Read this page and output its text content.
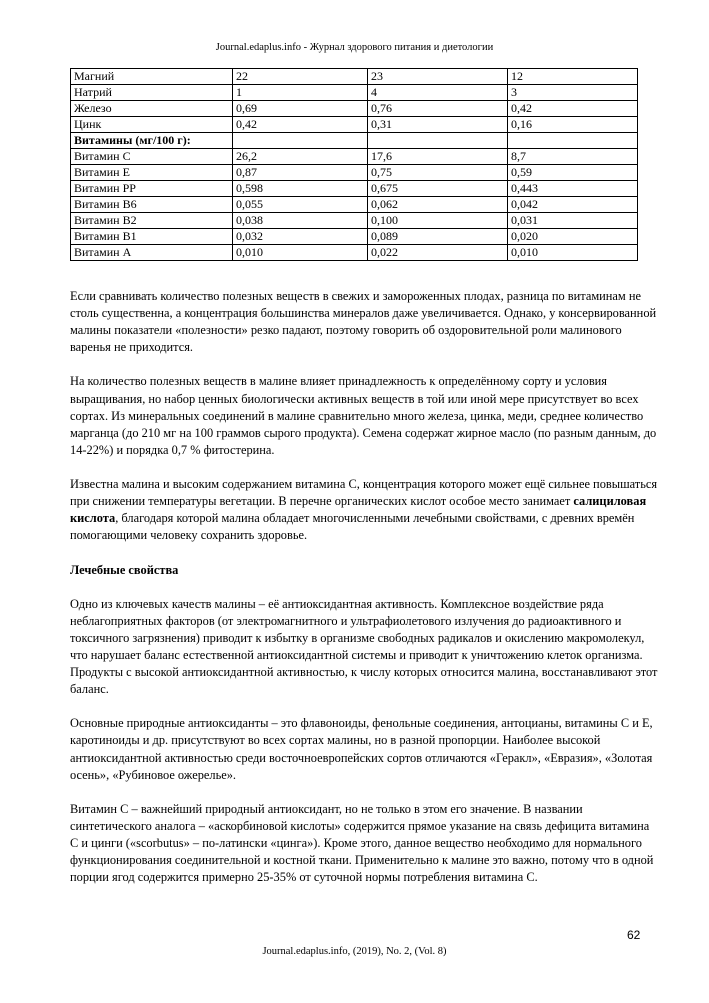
Journal.edaplus.info - Журнал здорового питания и диетологии
Магний	22	23	12
Натрий	1	4	3
Железо	0,69	0,76	0,42
Цинк	0,42	0,31	0,16
Витамины (мг/100 г):			
Витамин С	26,2	17,6	8,7
Витамин Е	0,87	0,75	0,59
Витамин РР	0,598	0,675	0,443
Витамин В6	0,055	0,062	0,042
Витамин В2	0,038	0,100	0,031
Витамин В1	0,032	0,089	0,020
Витамин А	0,010	0,022	0,010

Если сравнивать количество полезных веществ в свежих и замороженных плодах, разница по витаминам не столь существенна, а концентрация большинства минералов даже увеличивается. Однако, у консервированной малины показатели «полезности» резко падают, поэтому говорить об оздоровительной роли малинового варенья не приходится.

На количество полезных веществ в малине влияет принадлежность к определённому сорту и условия выращивания, но набор ценных биологически активных веществ в той или иной мере присутствует во всех сортах. Из минеральных соединений в малине сравнительно много железа, цинка, меди, среднее количество марганца (до 210 мг на 100 граммов сырого продукта). Семена содержат жирное масло (по разным данным, до 14-22%) и порядка 0,7 % фитостерина.

Известна малина и высоким содержанием витамина С, концентрация которого может ещё сильнее повышаться при снижении температуры вегетации. В перечне органических кислот особое место занимает салициловая кислота, благодаря которой малина обладает многочисленными лечебными свойствами, с древних времён помогающими человеку сохранить здоровье.

Лечебные свойства

Одно из ключевых качеств малины – её антиоксидантная активность. Комплексное воздействие ряда неблагоприятных факторов (от электромагнитного и ультрафиолетового излучения до радиоактивного и токсичного загрязнения) приводит к избытку в организме свободных радикалов и окислению макромолекул, что нарушает баланс естественной антиоксидантной системы и приводит к уничтожению клеток организма. Продукты с высокой антиоксидантной активностью, к числу которых относится малина, восстанавливают этот баланс.

Основные природные антиоксиданты – это флавоноиды, фенольные соединения, антоцианы, витамины С и Е, каротиноиды и др. присутствуют во всех сортах малины, но в разной пропорции. Наиболее высокой антиоксидантной активностью среди восточноевропейских сортов отличаются «Геракл», «Евразия», «Золотая осень», «Рубиновое ожерелье».

Витамин С – важнейший природный антиоксидант, но не только в этом его значение. В названии синтетического аналога – «аскорбиновой кислоты» содержится прямое указание на связь дефицита витамина С и цинги («scorbutus» – по-латински «цинга»). Кроме этого, данное вещество необходимо для нормального функционирования соединительной и костной ткани. Применительно к малине это важно, потому что в одной порции ягод содержится примерно 25-35% от суточной нормы потребления витамина С.

62
Journal.edaplus.info, (2019), No. 2, (Vol. 8)
